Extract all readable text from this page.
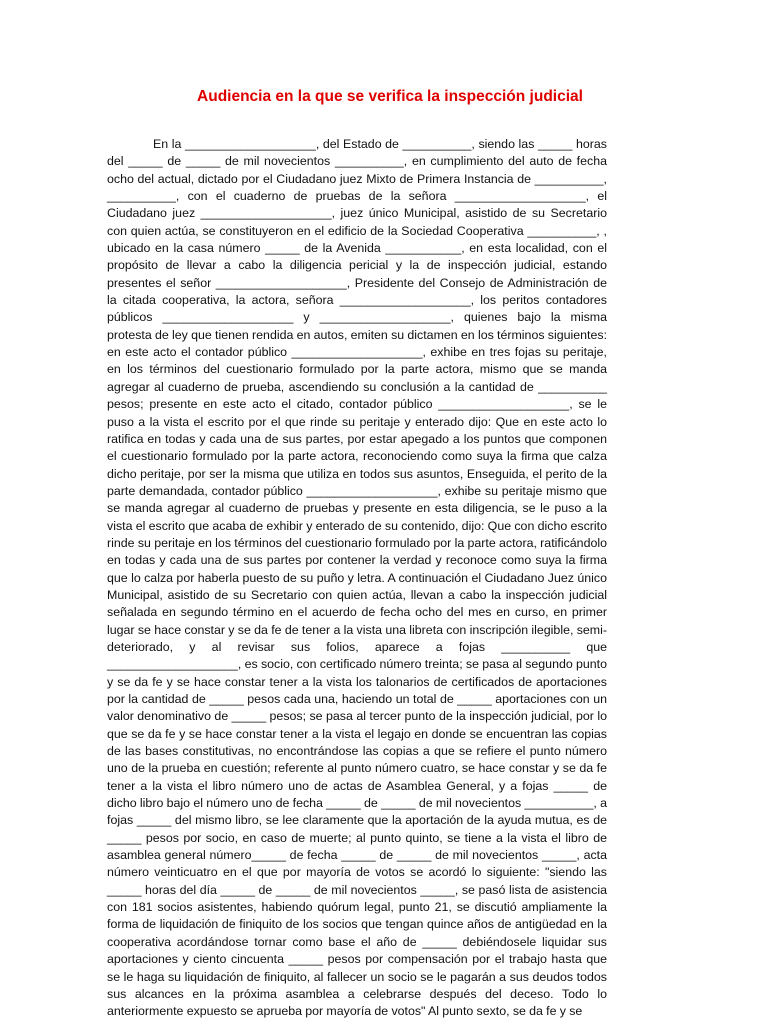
Audiencia en la que se verifica la inspección judicial

En la ___________________, del Estado de __________, siendo las _____ horas del _____ de _____ de mil novecientos __________, en cumplimiento del auto de fecha ocho del actual, dictado por el Ciudadano juez Mixto de Primera Instancia de __________, __________, con el cuaderno de pruebas de la señora ___________________, el Ciudadano juez ___________________, juez único Municipal, asistido de su Secretario con quien actúa, se constituyeron en el edificio de la Sociedad Cooperativa __________, , ubicado en la casa número _____ de la Avenida ___________, en esta localidad, con el propósito de llevar a cabo la diligencia pericial y la de inspección judicial, estando presentes el señor ___________________, Presidente del Consejo de Administración de la citada cooperativa, la actora, señora ___________________, los peritos contadores públicos ___________________ y ___________________, quienes bajo la misma protesta de ley que tienen rendida en autos, emiten su dictamen en los términos siguientes: en este acto el contador público ___________________, exhibe en tres fojas su peritaje, en los términos del cuestionario formulado por la parte actora, mismo que se manda agregar al cuaderno de prueba, ascendiendo su conclusión a la cantidad de __________ pesos; presente en este acto el citado, contador público ___________________, se le puso a la vista el escrito por el que rinde su peritaje y enterado dijo: Que en este acto lo ratifica en todas y cada una de sus partes, por estar apegado a los puntos que componen el cuestionario formulado por la parte actora, reconociendo como suya la firma que calza dicho peritaje, por ser la misma que utiliza en todos sus asuntos, Enseguida, el perito de la parte demandada, contador público ___________________, exhibe su peritaje mismo que se manda agregar al cuaderno de pruebas y presente en esta diligencia, se le puso a la vista el escrito que acaba de exhibir y enterado de su contenido, dijo: Que con dicho escrito rinde su peritaje en los términos del cuestionario formulado por la parte actora, ratificándolo en todas y cada una de sus partes por contener la verdad y reconoce como suya la firma que lo calza por haberla puesto de su puño y letra. A continuación el Ciudadano Juez único Municipal, asistido de su Secretario con quien actúa, llevan a cabo la inspección judicial señalada en segundo término en el acuerdo de fecha ocho del mes en curso, en primer lugar se hace constar y se da fe de tener a la vista una libreta con inscripción ilegible, semi-deteriorado, y al revisar sus folios, aparece a fojas __________ que ___________________, es socio, con certificado número treinta; se pasa al segundo punto y se da fe y se hace constar tener a la vista los talonarios de certificados de aportaciones por la cantidad de _____ pesos cada una, haciendo un total de _____ aportaciones con un valor denominativo de _____ pesos; se pasa al tercer punto de la inspección judicial, por lo que se da fe y se hace constar tener a la vista el legajo en donde se encuentran las copias de las bases constitutivas, no encontrándose las copias a que se refiere el punto número uno de la prueba en cuestión; referente al punto número cuatro, se hace constar y se da fe tener a la vista el libro número uno de actas de Asamblea General, y a fojas _____ de dicho libro bajo el número uno de fecha _____ de _____ de mil novecientos __________, a fojas _____ del mismo libro, se lee claramente que la aportación de la ayuda mutua, es de _____ pesos por socio, en caso de muerte; al punto quinto, se tiene a la vista el libro de asamblea general número_____ de fecha _____ de _____ de mil novecientos _____, acta número veinticuatro en el que por mayoría de votos se acordó lo siguiente: "siendo las _____ horas del día _____ de _____ de mil novecientos _____, se pasó lista de asistencia con 181 socios asistentes, habiendo quórum legal, punto 21, se discutió ampliamente la forma de liquidación de finiquito de los socios que tengan quince años de antigüedad en la cooperativa acordándose tornar como base el año de _____ debiéndosele liquidar sus aportaciones y ciento cincuenta _____ pesos por compensación por el trabajo hasta que se le haga su liquidación de finiquito, al fallecer un socio se le pagarán a sus deudos todos sus alcances en la próxima asamblea a celebrarse después del deceso. Todo lo anteriormente expuesto se aprueba por mayoría de votos" Al punto sexto, se da fe y se
